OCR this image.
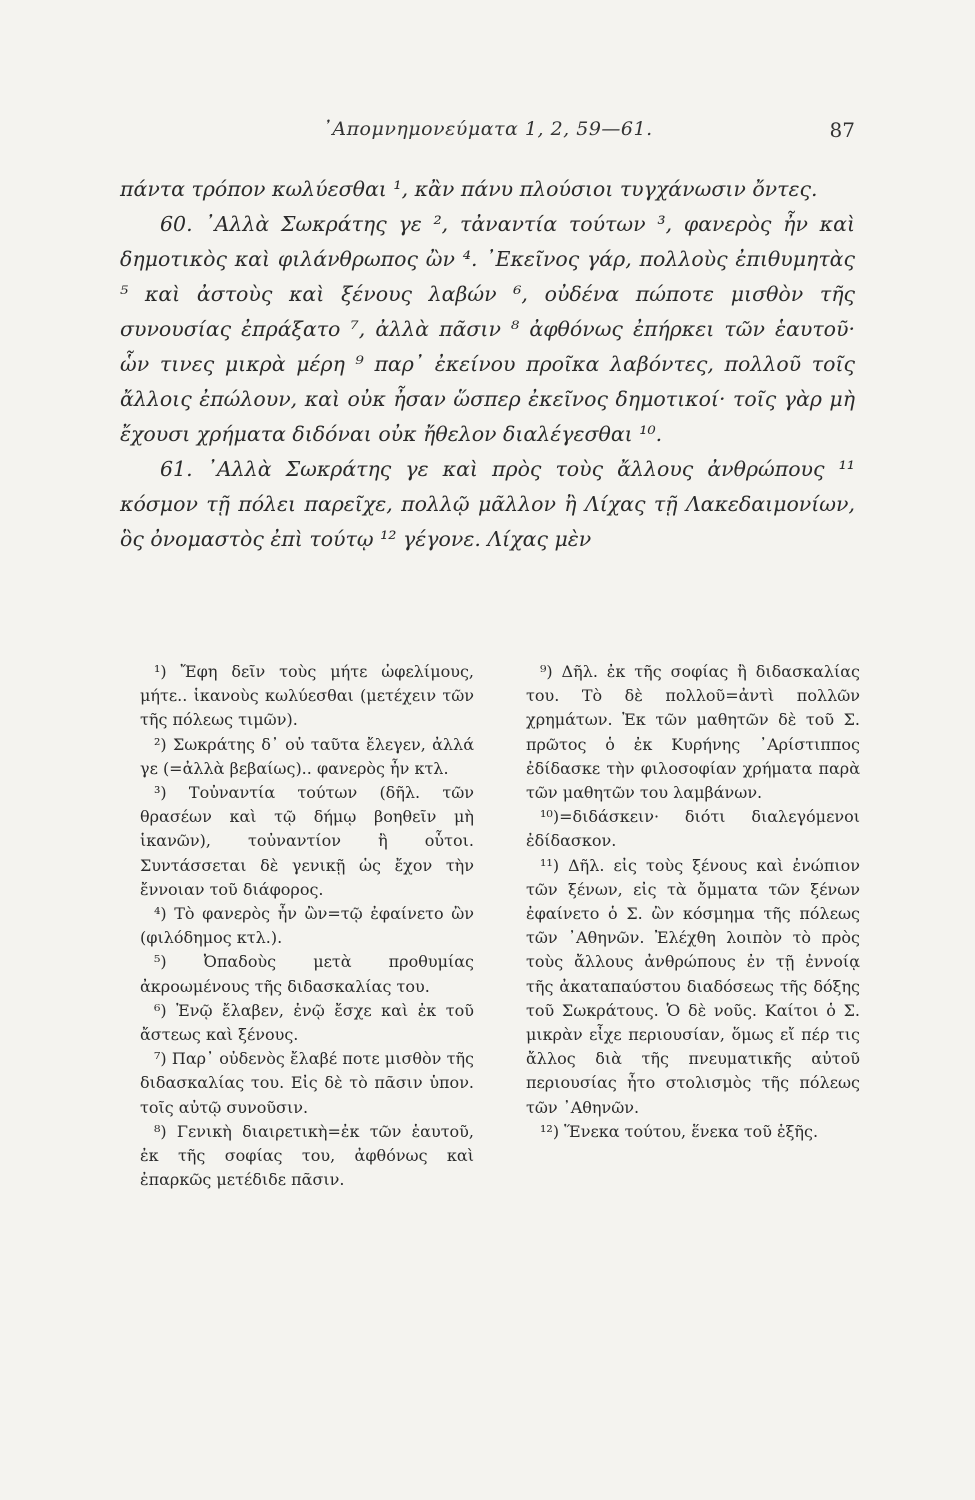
᾿Απομνημονεύματα 1, 2, 59—61.	87

πάντα τρόπον κωλύεσθαι ¹, κἂν πάνυ πλούσιοι τυγχάνωσιν ὄντες.

60. ᾿Αλλὰ Σωκράτης γε ², τἀναντία τούτων ³, φανερὸς ἦν καὶ δημοτικὸς καὶ φιλάνθρωπος ὢν ⁴. ᾿Εκεῖνος γάρ, πολλοὺς ἐπιθυμητὰς ⁵ καὶ ἀστοὺς καὶ ξένους λαβών ⁶, οὐδένα πώποτε μισθὸν τῆς συνουσίας ἐπράξατο ⁷, ἀλλὰ πᾶσιν ⁸ ἀφθόνως ἐπήρκει τῶν ἑαυτοῦ· ὧν τινες μικρὰ μέρη ⁹ παρ᾿ ἐκείνου προῖκα λαβόντες, πολλοῦ τοῖς ἄλλοις ἐπώλουν, καὶ οὐκ ἦσαν ὥσπερ ἐκεῖνος δημοτικοί· τοῖς γὰρ μὴ ἔχουσι χρήματα διδόναι οὐκ ἤθελον διαλέγεσθαι ¹⁰.

61. ᾿Αλλὰ Σωκράτης γε καὶ πρὸς τοὺς ἄλλους ἀνθρώπους ¹¹ κόσμον τῇ πόλει παρεῖχε, πολλῷ μᾶλλον ἢ Λίχας τῇ Λακεδαιμονίων, ὃς ὀνομαστὸς ἐπὶ τούτῳ ¹² γέγονε. Λίχας μὲν

¹) Ἔφη δεῖν τοὺς μήτε ὠφελίμους, μήτε.. ἱκανοὺς κωλύεσθαι (μετέχειν τῶν τῆς πόλεως τιμῶν).

²) Σωκράτης δ᾿ οὐ ταῦτα ἔλεγεν, ἀλλά γε (=ἀλλὰ βεβαίως).. φανερὸς ἦν κτλ.

³) Τοὐναντία τούτων (δῆλ. τῶν θρασέων καὶ τῷ δήμῳ βοηθεῖν μὴ ἱκανῶν), τοὐναντίον ἢ οὗτοι. Συντάσσεται δὲ γενικῇ ὡς ἔχον τὴν ἔννοιαν τοῦ διάφορος.

⁴) Τὸ φανερὸς ἦν ὢν=τῷ ἐφαίνετο ὢν (φιλόδημος κτλ.).

⁵) Ὀπαδοὺς μετὰ προθυμίας ἀκροωμένους τῆς διδασκαλίας του.

⁶) Ἐνῷ ἔλαβεν, ἐνῷ ἔσχε καὶ ἐκ τοῦ ἄστεως καὶ ξένους.

⁷) Παρ᾿ οὐδενὸς ἔλαβέ ποτε μισθὸν τῆς διδασκαλίας του. Εἰς δὲ τὸ πᾶσιν ὑπον. τοῖς αὐτῷ συνοῦσιν.

⁸) Γενικὴ διαιρετικὴ=ἐκ τῶν ἑαυτοῦ, ἐκ τῆς σοφίας του, ἀφθόνως καὶ ἐπαρκῶς μετέδιδε πᾶσιν.

⁹) Δῆλ. ἐκ τῆς σοφίας ἢ διδασκαλίας του. Τὸ δὲ πολλοῦ=ἀντὶ πολλῶν χρημάτων. Ἐκ τῶν μαθητῶν δὲ τοῦ Σ. πρῶτος ὁ ἐκ Κυρήνης ᾿Αρίστιππος ἐδίδασκε τὴν φιλοσοφίαν χρήματα παρὰ τῶν μαθητῶν του λαμβάνων.

¹⁰)=διδάσκειν· διότι διαλεγόμενοι ἐδίδασκον.

¹¹) Δῆλ. εἰς τοὺς ξένους καὶ ἐνώπιον τῶν ξένων, εἰς τὰ ὄμματα τῶν ξένων ἐφαίνετο ὁ Σ. ὢν κόσμημα τῆς πόλεως τῶν ᾿Αθηνῶν. Ἐλέχθη λοιπὸν τὸ πρὸς τοὺς ἄλλους ἀνθρώπους ἐν τῇ ἐννοίᾳ τῆς ἀκαταπαύστου διαδόσεως τῆς δόξης τοῦ Σωκράτους. Ὁ δὲ νοῦς. Καίτοι ὁ Σ. μικρὰν εἶχε περιουσίαν, ὅμως εἴ πέρ τις ἄλλος διὰ τῆς πνευματικῆς αὐτοῦ περιουσίας ἦτο στολισμὸς τῆς πόλεως τῶν ᾿Αθηνῶν.

¹²) Ἕνεκα τούτου, ἕνεκα τοῦ ἑξῆς.
